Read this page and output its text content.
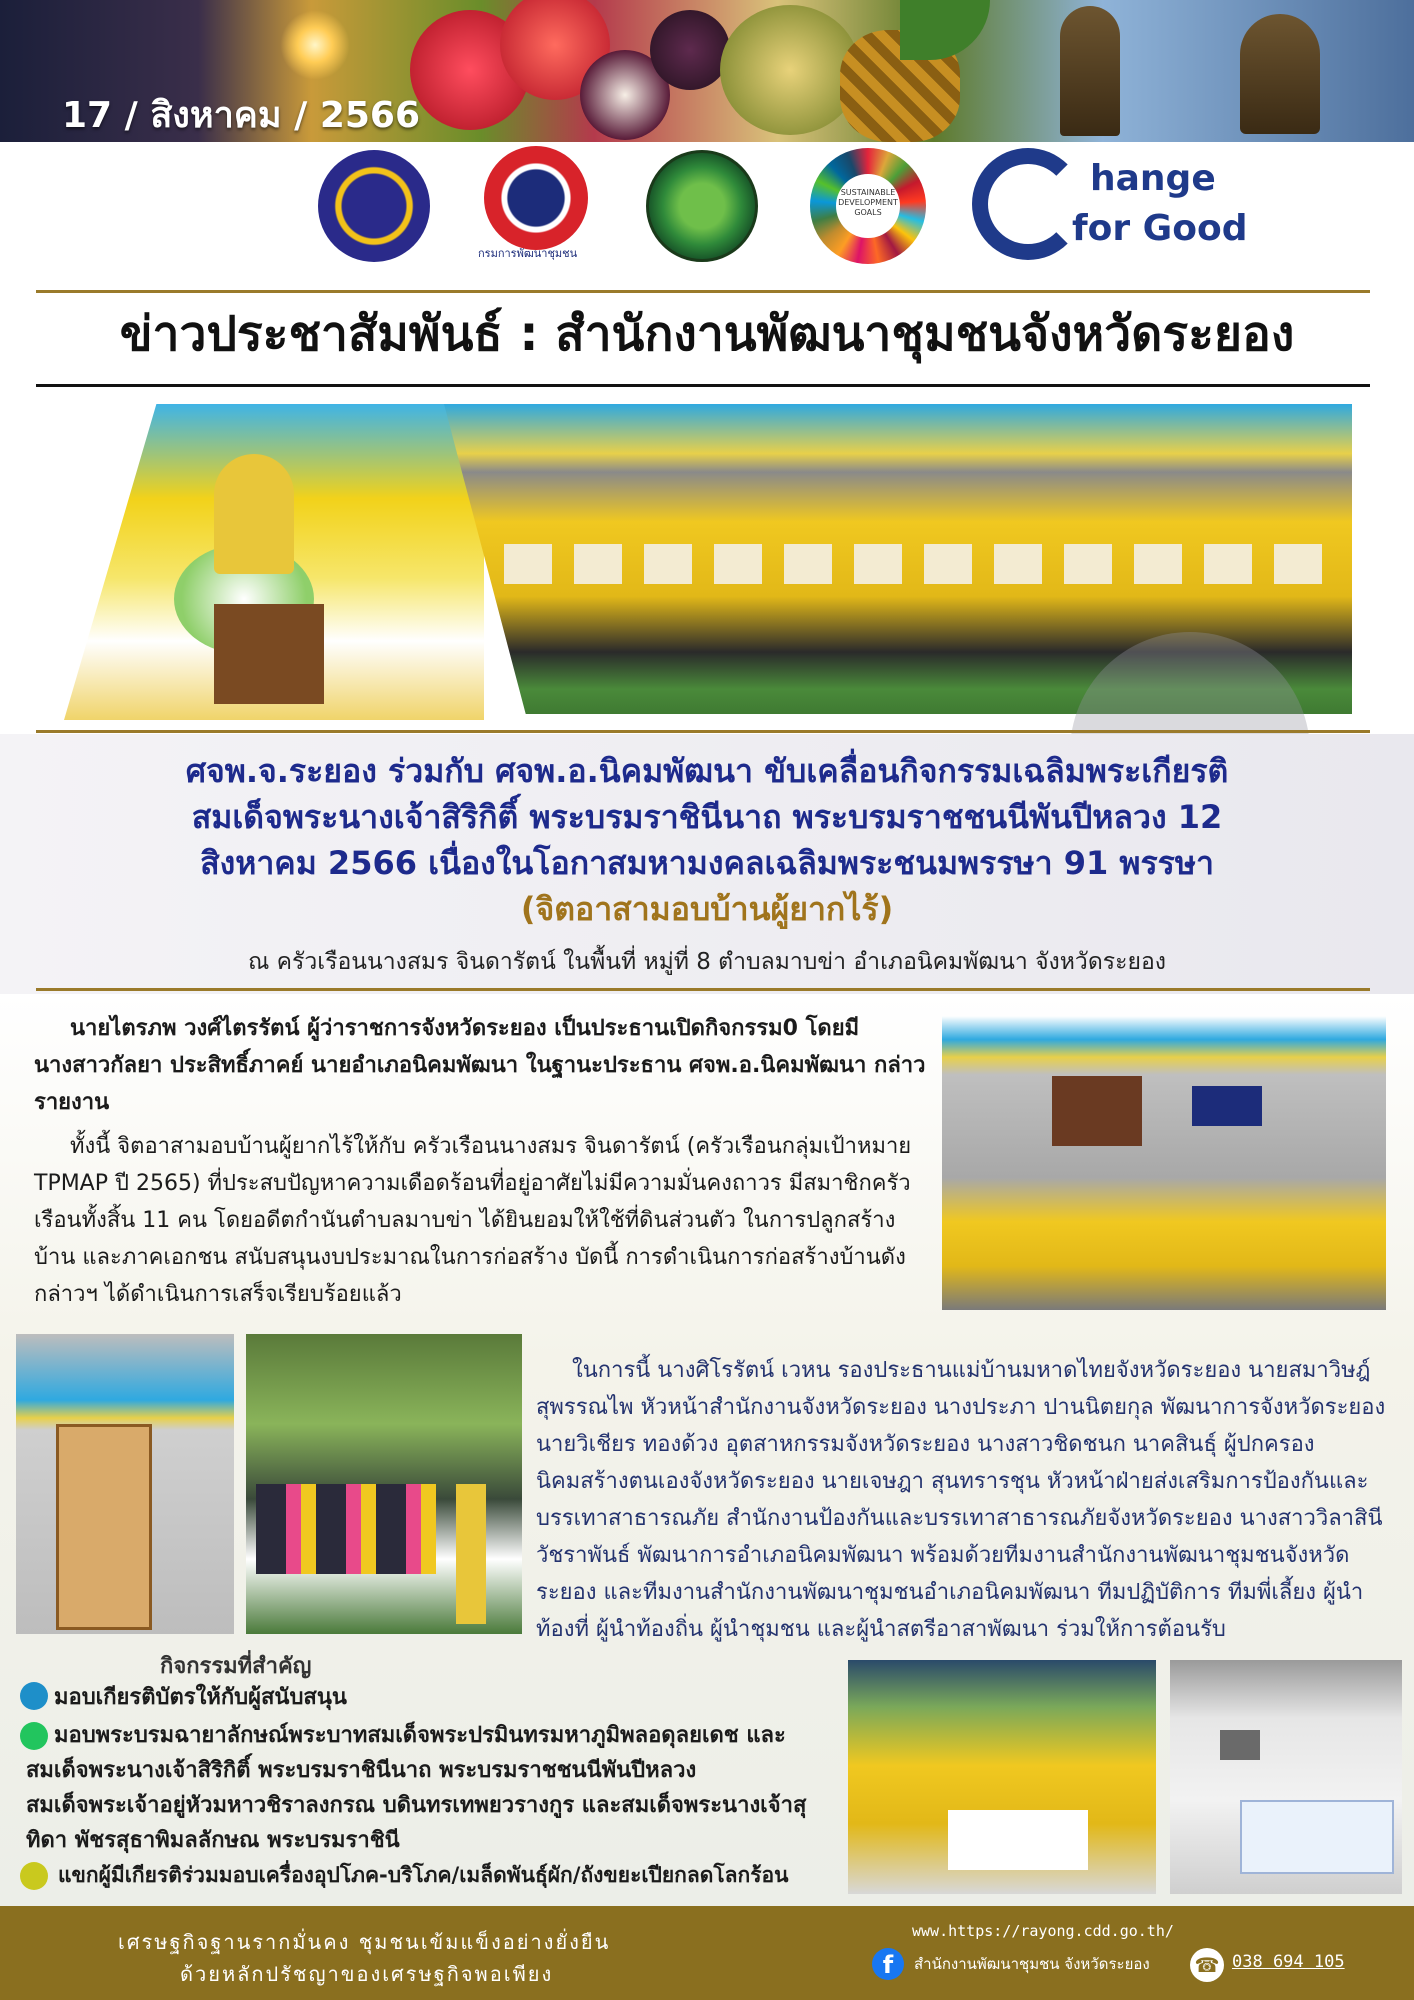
17 / สิงหาคม / 2566
กรมการพัฒนาชุมชน
SUSTAINABLE DEVELOPMENT GOALS
hange
for Good
ข่าวประชาสัมพันธ์ : สำนักงานพัฒนาชุมชนจังหวัดระยอง
ศจพ.จ.ระยอง ร่วมกับ ศจพ.อ.นิคมพัฒนา ขับเคลื่อนกิจกรรมเฉลิมพระเกียรติ
สมเด็จพระนางเจ้าสิริกิติ์ พระบรมราชินีนาถ พระบรมราชชนนีพันปีหลวง 12
สิงหาคม 2566 เนื่องในโอกาสมหามงคลเฉลิมพระชนมพรรษา 91 พรรษา
(จิตอาสามอบบ้านผู้ยากไร้)
ณ ครัวเรือนนางสมร จินดารัตน์ ในพื้นที่ หมู่ที่ 8 ตำบลมาบข่า อำเภอนิคมพัฒนา จังหวัดระยอง
นายไตรภพ วงศ์ไตรรัตน์ ผู้ว่าราชการจังหวัดระยอง เป็นประธานเปิดกิจกรรม0 โดยมี นางสาวกัลยา ประสิทธิ์ภาคย์ นายอำเภอนิคมพัฒนา ในฐานะประธาน ศจพ.อ.นิคมพัฒนา กล่าวรายงาน
ทั้งนี้ จิตอาสามอบบ้านผู้ยากไร้ให้กับ ครัวเรือนนางสมร จินดารัตน์ (ครัวเรือนกลุ่มเป้าหมาย TPMAP ปี 2565) ที่ประสบปัญหาความเดือดร้อนที่อยู่อาศัยไม่มีความมั่นคงถาวร มีสมาชิกครัวเรือนทั้งสิ้น 11 คน โดยอดีตกำนันตำบลมาบข่า ได้ยินยอมให้ใช้ที่ดินส่วนตัว ในการปลูกสร้างบ้าน และภาคเอกชน สนับสนุนงบประมาณในการก่อสร้าง บัดนี้ การดำเนินการก่อสร้างบ้านดังกล่าวฯ ได้ดำเนินการเสร็จเรียบร้อยแล้ว
ในการนี้ นางศิโรรัตน์ เวหน รองประธานแม่บ้านมหาดไทยจังหวัดระยอง นายสมาวิษฎ์ สุพรรณไพ หัวหน้าสำนักงานจังหวัดระยอง นางประภา ปานนิตยกุล พัฒนาการจังหวัดระยอง นายวิเชียร ทองด้วง อุตสาหกรรมจังหวัดระยอง นางสาวชิดชนก นาคสินธุ์ ผู้ปกครองนิคมสร้างตนเองจังหวัดระยอง นายเจษฎา สุนทรารชุน หัวหน้าฝ่ายส่งเสริมการป้องกันและบรรเทาสาธารณภัย สำนักงานป้องกันและบรรเทาสาธารณภัยจังหวัดระยอง นางสาววิลาสินี วัชราพันธ์ พัฒนาการอำเภอนิคมพัฒนา พร้อมด้วยทีมงานสำนักงานพัฒนาชุมชนจังหวัดระยอง และทีมงานสำนักงานพัฒนาชุมชนอำเภอนิคมพัฒนา ทีมปฏิบัติการ ทีมพี่เลี้ยง ผู้นำท้องที่ ผู้นำท้องถิ่น ผู้นำชุมชน และผู้นำสตรีอาสาพัฒนา ร่วมให้การต้อนรับ
กิจกรรมที่สำคัญ
มอบเกียรติบัตรให้กับผู้สนับสนุน
มอบพระบรมฉายาลักษณ์พระบาทสมเด็จพระปรมินทรมหาภูมิพลอดุลยเดช และ
สมเด็จพระนางเจ้าสิริกิติ์ พระบรมราชินีนาถ พระบรมราชชนนีพันปีหลวง
สมเด็จพระเจ้าอยู่หัวมหาวชิราลงกรณ บดินทรเทพยวรางกูร และสมเด็จพระนางเจ้าสุ
ทิดา พัชรสุธาพิมลลักษณ พระบรมราชินี
แขกผู้มีเกียรติร่วมมอบเครื่องอุปโภค-บริโภค/เมล็ดพันธุ์ผัก/ถังขยะเปียกลดโลกร้อน
เศรษฐกิจฐานรากมั่นคง ชุมชนเข้มแข็งอย่างยั่งยืน
ด้วยหลักปรัชญาของเศรษฐกิจพอเพียง
www.https://rayong.cdd.go.th/
f	สำนักงานพัฒนาชุมชน จังหวัดระยอง ☎ 038 694 105
